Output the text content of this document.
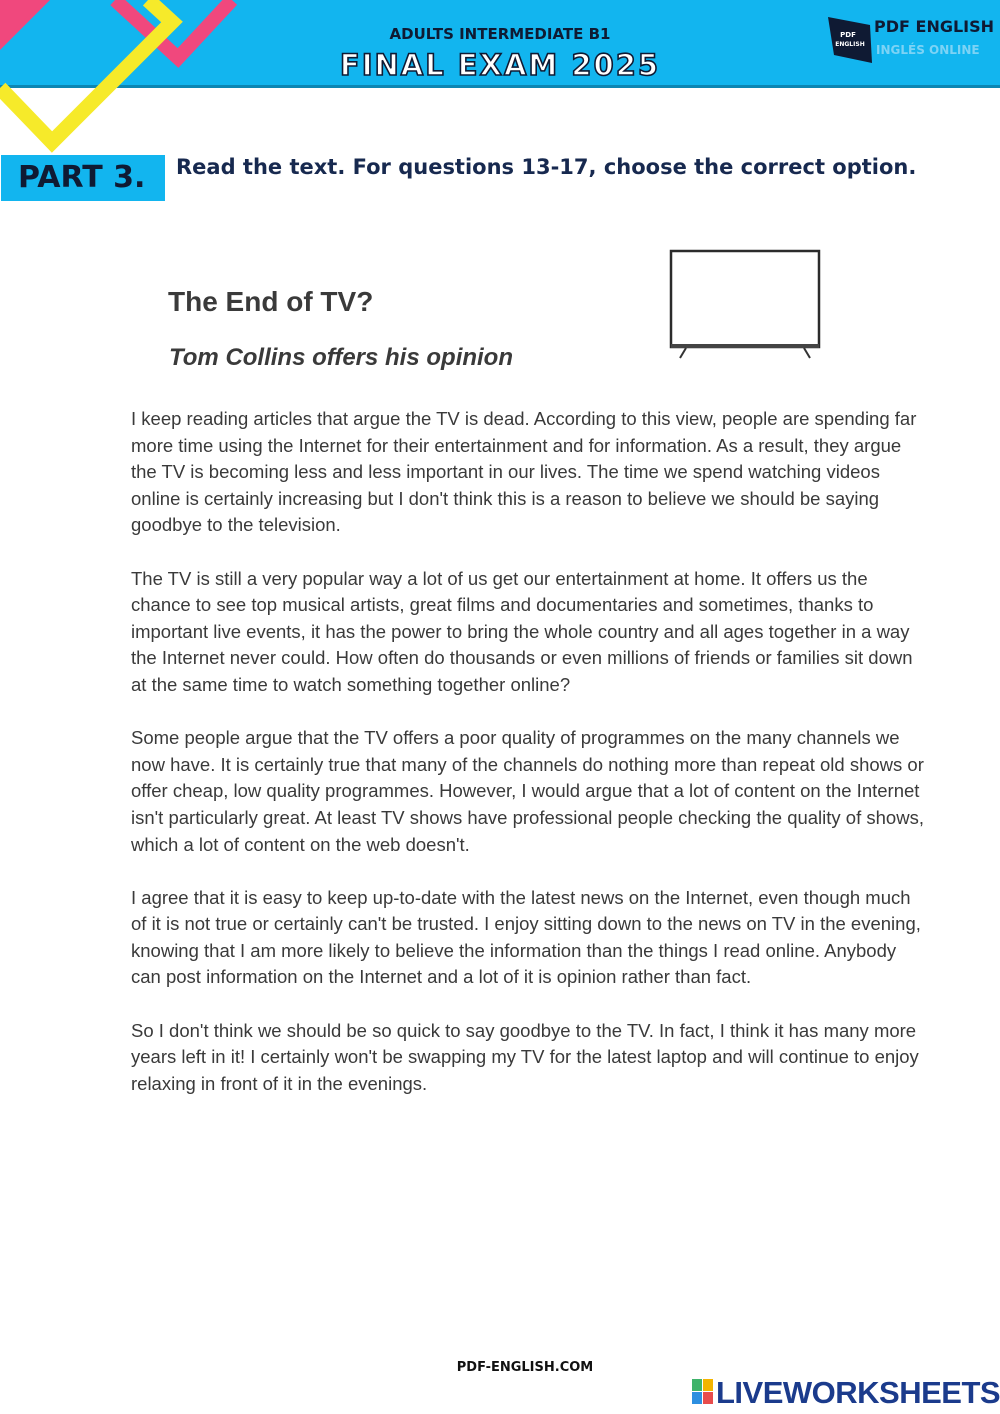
ADULTS INTERMEDIATE B1
FINAL EXAM 2025
PDF
ENGLISH
PDF ENGLISH
INGLÉS ONLINE
PART 3. Read the text. For questions 13-17, choose the correct option.
The End of TV?
Tom Collins offers his opinion

I keep reading articles that argue the TV is dead. According to this view, people are spending far more time using the Internet for their entertainment and for information. As a result, they argue the TV is becoming less and less important in our lives. The time we spend watching videos online is certainly increasing but I don't think this is a reason to believe we should be saying goodbye to the television.

The TV is still a very popular way a lot of us get our entertainment at home. It offers us the chance to see top musical artists, great films and documentaries and sometimes, thanks to important live events, it has the power to bring the whole country and all ages together in a way the Internet never could. How often do thousands or even millions of friends or families sit down at the same time to watch something together online?

Some people argue that the TV offers a poor quality of programmes on the many channels we now have. It is certainly true that many of the channels do nothing more than repeat old shows or offer cheap, low quality programmes. However, I would argue that a lot of content on the Internet isn't particularly great. At least TV shows have professional people checking the quality of shows, which a lot of content on the web doesn't.

I agree that it is easy to keep up-to-date with the latest news on the Internet, even though much of it is not true or certainly can't be trusted. I enjoy sitting down to the news on TV in the evening, knowing that I am more likely to believe the information than the things I read online. Anybody can post information on the Internet and a lot of it is opinion rather than fact.

So I don't think we should be so quick to say goodbye to the TV. In fact, I think it has many more years left in it! I certainly won't be swapping my TV for the latest laptop and will continue to enjoy relaxing in front of it in the evenings.

PDF-ENGLISH.COM
LIVEWORKSHEETS
